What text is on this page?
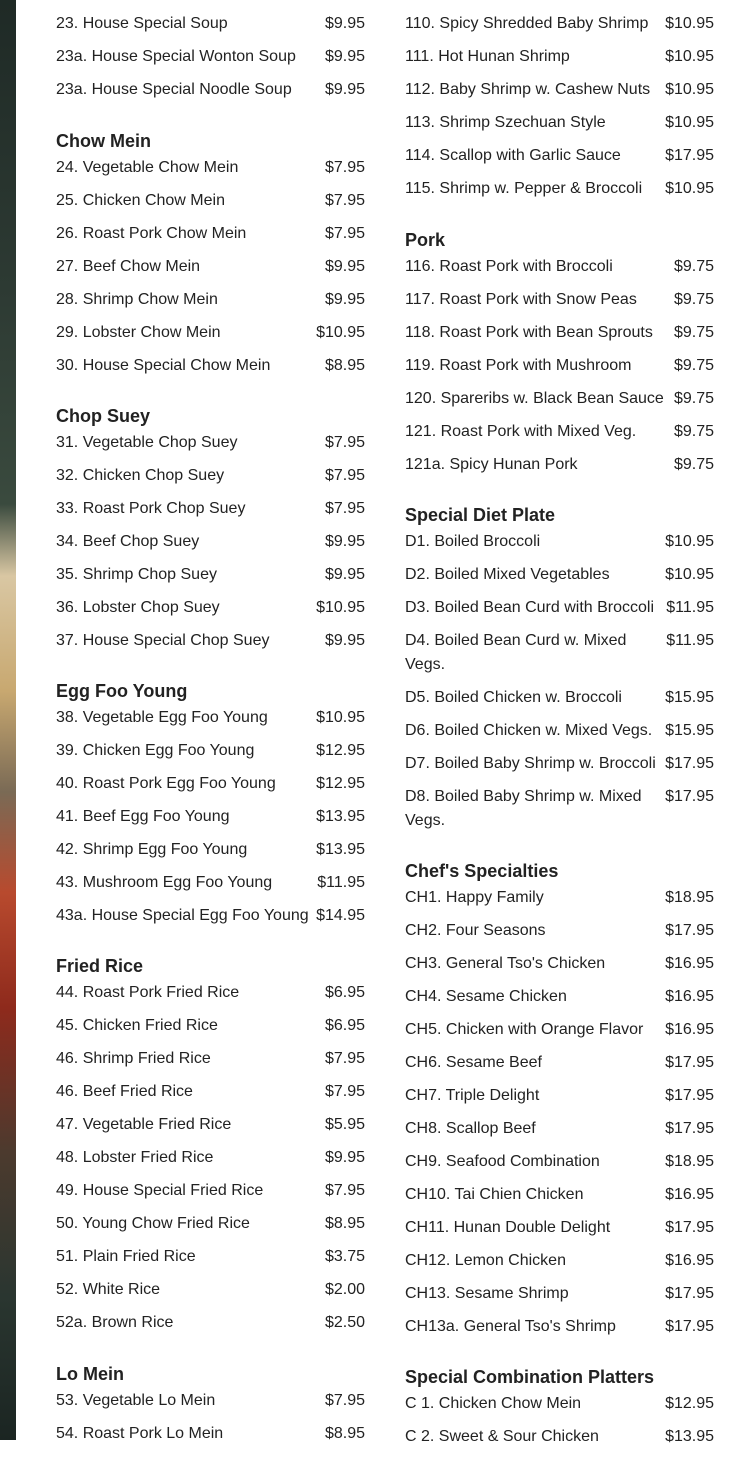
23. House Special Soup	$9.95
23a. House Special Wonton Soup	$9.95
23a. House Special Noodle Soup	$9.95
Chow Mein
24. Vegetable Chow Mein	$7.95
25. Chicken Chow Mein	$7.95
26. Roast Pork Chow Mein	$7.95
27. Beef Chow Mein	$9.95
28. Shrimp Chow Mein	$9.95
29. Lobster Chow Mein	$10.95
30. House Special Chow Mein	$8.95
Chop Suey
31. Vegetable Chop Suey	$7.95
32. Chicken Chop Suey	$7.95
33. Roast Pork Chop Suey	$7.95
34. Beef Chop Suey	$9.95
35. Shrimp Chop Suey	$9.95
36. Lobster Chop Suey	$10.95
37. House Special Chop Suey	$9.95
Egg Foo Young
38. Vegetable Egg Foo Young	$10.95
39. Chicken Egg Foo Young	$12.95
40. Roast Pork Egg Foo Young	$12.95
41. Beef Egg Foo Young	$13.95
42. Shrimp Egg Foo Young	$13.95
43. Mushroom Egg Foo Young	$11.95
43a. House Special Egg Foo Young $14.95
Fried Rice
44. Roast Pork Fried Rice	$6.95
45. Chicken Fried Rice	$6.95
46. Shrimp Fried Rice	$7.95
46. Beef Fried Rice	$7.95
47. Vegetable Fried Rice	$5.95
48. Lobster Fried Rice	$9.95
49. House Special Fried Rice	$7.95
50. Young Chow Fried Rice	$8.95
51. Plain Fried Rice	$3.75
52. White Rice	$2.00
52a. Brown Rice	$2.50
Lo Mein
53. Vegetable Lo Mein	$7.95
54. Roast Pork Lo Mein	$8.95
110. Spicy Shredded Baby Shrimp	$10.95
111. Hot Hunan Shrimp	$10.95
112. Baby Shrimp w. Cashew Nuts $10.95
113. Shrimp Szechuan Style	$10.95
114. Scallop with Garlic Sauce	$17.95
115. Shrimp w. Pepper & Broccoli	$10.95
Pork
116. Roast Pork with Broccoli	$9.75
117. Roast Pork with Snow Peas	$9.75
118. Roast Pork with Bean Sprouts	$9.75
119. Roast Pork with Mushroom	$9.75
120. Spareribs w. Black Bean Sauce $9.75
121. Roast Pork with Mixed Veg.	$9.75
121a. Spicy Hunan Pork	$9.75
Special Diet Plate
D1. Boiled Broccoli	$10.95
D2. Boiled Mixed Vegetables	$10.95
D3. Boiled Bean Curd with Broccoli $11.95
D4. Boiled Bean Curd w. Mixed Vegs.
$11.95
D5. Boiled Chicken w. Broccoli	$15.95
D6. Boiled Chicken w. Mixed Vegs. $15.95
D7. Boiled Baby Shrimp w. Broccoli $17.95
D8. Boiled Baby Shrimp w. Mixed Vegs.
$17.95
Chef's Specialties
CH1. Happy Family	$18.95
CH2. Four Seasons	$17.95
CH3. General Tso's Chicken	$16.95
CH4. Sesame Chicken	$16.95
CH5. Chicken with Orange Flavor	$16.95
CH6. Sesame Beef	$17.95
CH7. Triple Delight	$17.95
CH8. Scallop Beef	$17.95
CH9. Seafood Combination	$18.95
CH10. Tai Chien Chicken	$16.95
CH11. Hunan Double Delight	$17.95
CH12. Lemon Chicken	$16.95
CH13. Sesame Shrimp	$17.95
CH13a. General Tso's Shrimp	$17.95
Special Combination Platters
C 1. Chicken Chow Mein	$12.95
C 2. Sweet & Sour Chicken	$13.95
